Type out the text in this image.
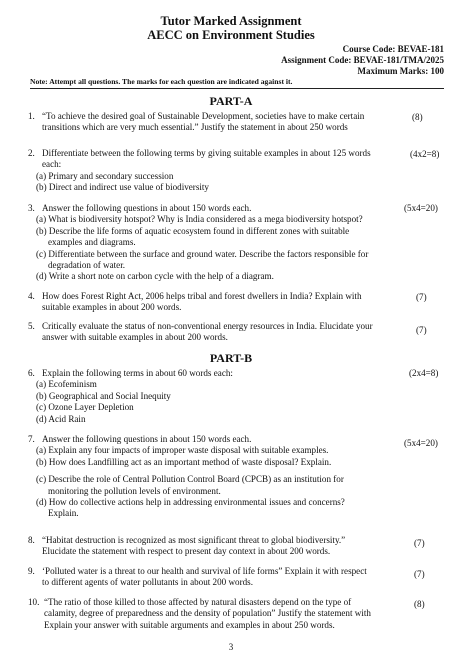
Tutor Marked Assignment
AECC on Environment Studies
Course Code: BEVAE-181
Assignment Code: BEVAE-181/TMA/2025
Maximum Marks: 100
Note: Attempt all questions. The marks for each question are indicated against it.
PART-A
1. “To achieve the desired goal of Sustainable Development, societies have to make certain
transitions which are very much essential.” Justify the statement in about 250 words
(8)
2. Differentiate between the following terms by giving suitable examples in about 125 words
each:
(a) Primary and secondary succession
(b) Direct and indirect use value of biodiversity
(4x2=8)
3. Answer the following questions in about 150 words each.
(a) What is biodiversity hotspot? Why is India considered as a mega biodiversity hotspot?
(b) Describe the life forms of aquatic ecosystem found in different zones with suitable
examples and diagrams.
(c) Differentiate between the surface and ground water. Describe the factors responsible for
degradation of water.
(d) Write a short note on carbon cycle with the help of a diagram.
(5x4=20)
4. How does Forest Right Act, 2006 helps tribal and forest dwellers in India? Explain with
suitable examples in about 200 words.
(7)
5. Critically evaluate the status of non-conventional energy resources in India. Elucidate your
answer with suitable examples in about 200 words.
(7)
PART-B
6. Explain the following terms in about 60 words each:
(a) Ecofeminism
(b) Geographical and Social Inequity
(c) Ozone Layer Depletion
(d) Acid Rain
(2x4=8)
7. Answer the following questions in about 150 words each.
(a) Explain any four impacts of improper waste disposal with suitable examples.
(b) How does Landfilling act as an important method of waste disposal? Explain.
(c) Describe the role of Central Pollution Control Board (CPCB) as an institution for
monitoring the pollution levels of environment.
(d) How do collective actions help in addressing environmental issues and concerns?
Explain.
(5x4=20)
8. “Habitat destruction is recognized as most significant threat to global biodiversity.”
Elucidate the statement with respect to present day context in about 200 words.
(7)
9. ‘Polluted water is a threat to our health and survival of life forms” Explain it with respect
to different agents of water pollutants in about 200 words.
(7)
10. “The ratio of those killed to those affected by natural disasters depend on the type of
calamity, degree of preparedness and the density of population” Justify the statement with
Explain your answer with suitable arguments and examples in about 250 words.
(8)
3
